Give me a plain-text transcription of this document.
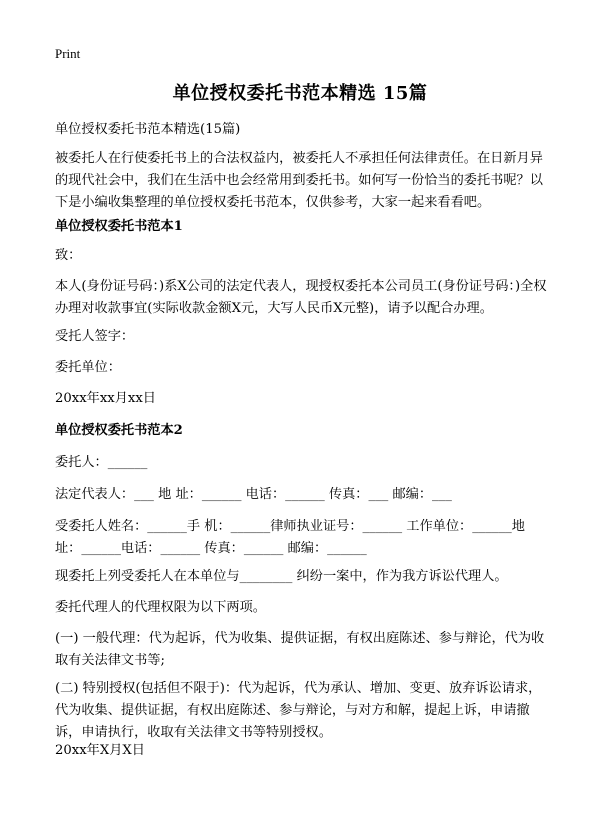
Print
单位授权委托书范本精选 15篇

单位授权委托书范本精选(15篇)

被委托人在行使委托书上的合法权益内，被委托人不承担任何法律责任。在日新月异的现代社会中，我们在生活中也会经常用到委托书。如何写一份恰当的委托书呢？以下是小编收集整理的单位授权委托书范本，仅供参考，大家一起来看看吧。

单位授权委托书范本1

致：

本人(身份证号码：)系X公司的法定代表人，现授权委托本公司员工(身份证号码：)全权办理对收款事宜(实际收款金额X元，大写人民币X元整)，请予以配合办理。

受托人签字：

委托单位：

20xx年xx月xx日

单位授权委托书范本2

委托人：______

法定代表人：___ 地 址：______ 电话：______ 传真：___ 邮编：___

受委托人姓名：______手 机：______律师执业证号：______ 工作单位：______地址：______电话：______ 传真：______ 邮编：______

现委托上列受委托人在本单位与________ 纠纷一案中，作为我方诉讼代理人。

委托代理人的代理权限为以下两项。

(一) 一般代理：代为起诉，代为收集、提供证据，有权出庭陈述、参与辩论，代为收取有关法律文书等;

(二) 特别授权(包括但不限于)：代为起诉，代为承认、增加、变更、放弃诉讼请求，代为收集、提供证据，有权出庭陈述、参与辩论，与对方和解，提起上诉，申请撤诉，申请执行，收取有关法律文书等特别授权。

20xx年X月X日
